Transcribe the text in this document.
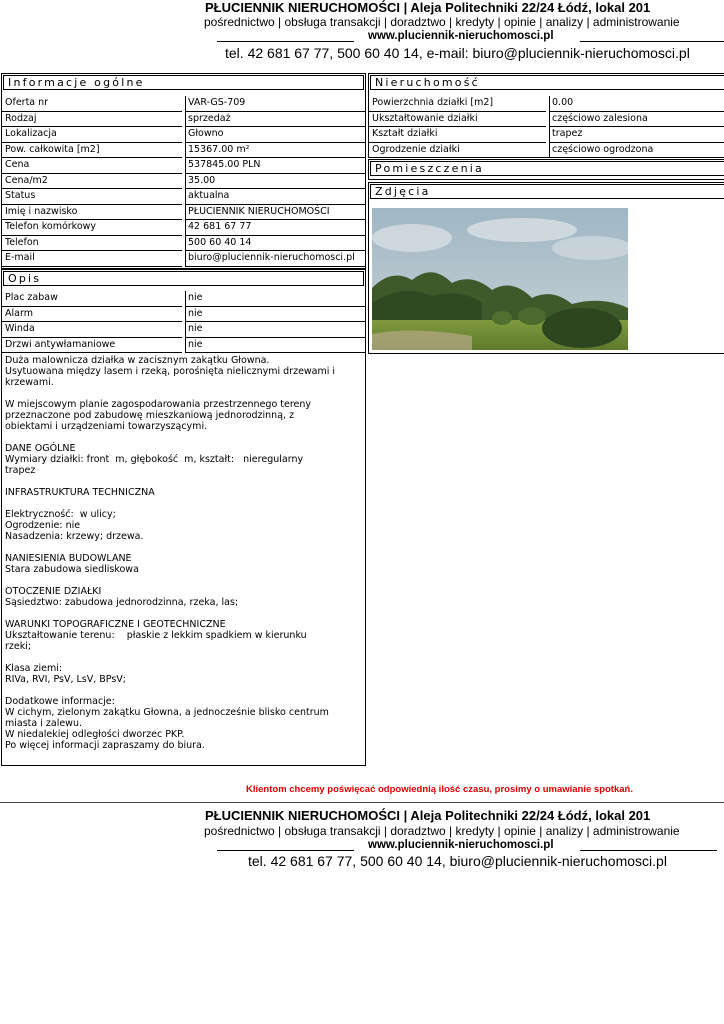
PŁUCIENNIK NIERUCHOMOŚCI | Aleja Politechniki 22/24 Łódź, lokal 201
pośrednictwo | obsługa transakcji | doradztwo | kredyty | opinie | analizy | administrowanie
www.pluciennik-nieruchomosci.pl
tel. 42 681 67 77, 500 60 40 14, e-mail: biuro@pluciennik-nieruchomosci.pl
Informacje ogólne
Oferta nr	VAR-GS-709
Rodzaj	sprzedaż
Lokalizacja	Głowno
Pow. całkowita [m2]	15367.00 m²
Cena	537845.00 PLN
Cena/m2	35.00
Status	aktualna
Imię i nazwisko	PŁUCIENNIK NIERUCHOMOŚCI
Telefon komórkowy	42 681 67 77
Telefon	500 60 40 14
E-mail	biuro@pluciennik-nieruchomosci.pl
Opis
Plac zabaw	nie
Alarm	nie
Winda	nie
Drzwi antywłamaniowe	nie
Duża malownicza działka w zacisznym zakątku Głowna.
Usytuowana między lasem i rzeką, porośnięta nielicznymi drzewami i
krzewami.

W miejscowym planie zagospodarowania przestrzennego tereny
przeznaczone pod zabudowę mieszkaniową jednorodzinną, z
obiektami i urządzeniami towarzyszącymi.

DANE OGÓLNE
Wymiary działki: front  m, głębokość  m, kształt:   nieregularny
trapez

INFRASTRUKTURA TECHNICZNA

Elektryczność:  w ulicy;
Ogrodzenie: nie
Nasadzenia: krzewy; drzewa.

NANIESIENIA BUDOWLANE
Stara zabudowa siedliskowa

OTOCZENIE DZIAŁKI
Sąsiedztwo: zabudowa jednorodzinna, rzeka, las;

WARUNKI TOPOGRAFICZNE I GEOTECHNICZNE
Ukształtowanie terenu:    płaskie z lekkim spadkiem w kierunku
rzeki;

Klasa ziemi:
RIVa, RVI, PsV, LsV, BPsV;

Dodatkowe informacje:
W cichym, zielonym zakątku Głowna, a jednocześnie blisko centrum
miasta i zalewu.
W niedalekiej odległości dworzec PKP.
Po więcej informacji zapraszamy do biura.
Nieruchomość
Powierzchnia działki [m2]	0.00
Ukształtowanie działki	częściowo zalesiona
Kształt działki	trapez
Ogrodzenie działki	częściowo ogrodzona
Pomieszczenia
Zdjęcia
Klientom chcemy poświęcać odpowiednią ilość czasu, prosimy o umawianie spotkań.
PŁUCIENNIK NIERUCHOMOŚCI | Aleja Politechniki 22/24 Łódź, lokal 201
pośrednictwo | obsługa transakcji | doradztwo | kredyty | opinie | analizy | administrowanie
www.pluciennik-nieruchomosci.pl
tel. 42 681 67 77, 500 60 40 14, biuro@pluciennik-nieruchomosci.pl
